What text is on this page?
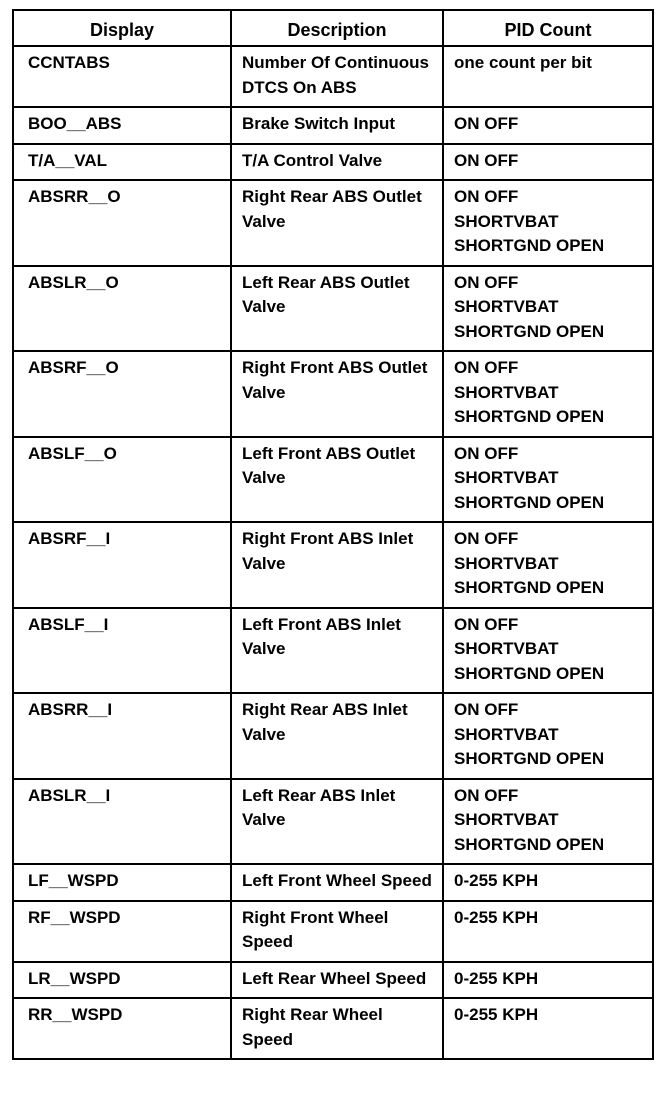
Display	Description	PID Count
CCNTABS	Number Of Continuous DTCS On ABS	one count per bit
BOO__ABS	Brake Switch Input	ON OFF
T/A__VAL	T/A Control Valve	ON OFF
ABSRR__O	Right Rear ABS Outlet Valve	ON OFF
SHORTVBAT
SHORTGND OPEN
ABSLR__O	Left Rear ABS Outlet Valve	ON OFF
SHORTVBAT
SHORTGND OPEN
ABSRF__O	Right Front ABS Outlet Valve	ON OFF
SHORTVBAT
SHORTGND OPEN
ABSLF__O	Left Front ABS Outlet Valve	ON OFF
SHORTVBAT
SHORTGND OPEN
ABSRF__I	Right Front ABS Inlet Valve	ON OFF
SHORTVBAT
SHORTGND OPEN
ABSLF__I	Left Front ABS Inlet Valve	ON OFF
SHORTVBAT
SHORTGND OPEN
ABSRR__I	Right Rear ABS Inlet Valve	ON OFF
SHORTVBAT
SHORTGND OPEN
ABSLR__I	Left Rear ABS Inlet Valve	ON OFF
SHORTVBAT
SHORTGND OPEN
LF__WSPD	Left Front Wheel Speed	0-255 KPH
RF__WSPD	Right Front Wheel Speed	0-255 KPH
LR__WSPD	Left Rear Wheel Speed	0-255 KPH
RR__WSPD	Right Rear Wheel Speed	0-255 KPH
